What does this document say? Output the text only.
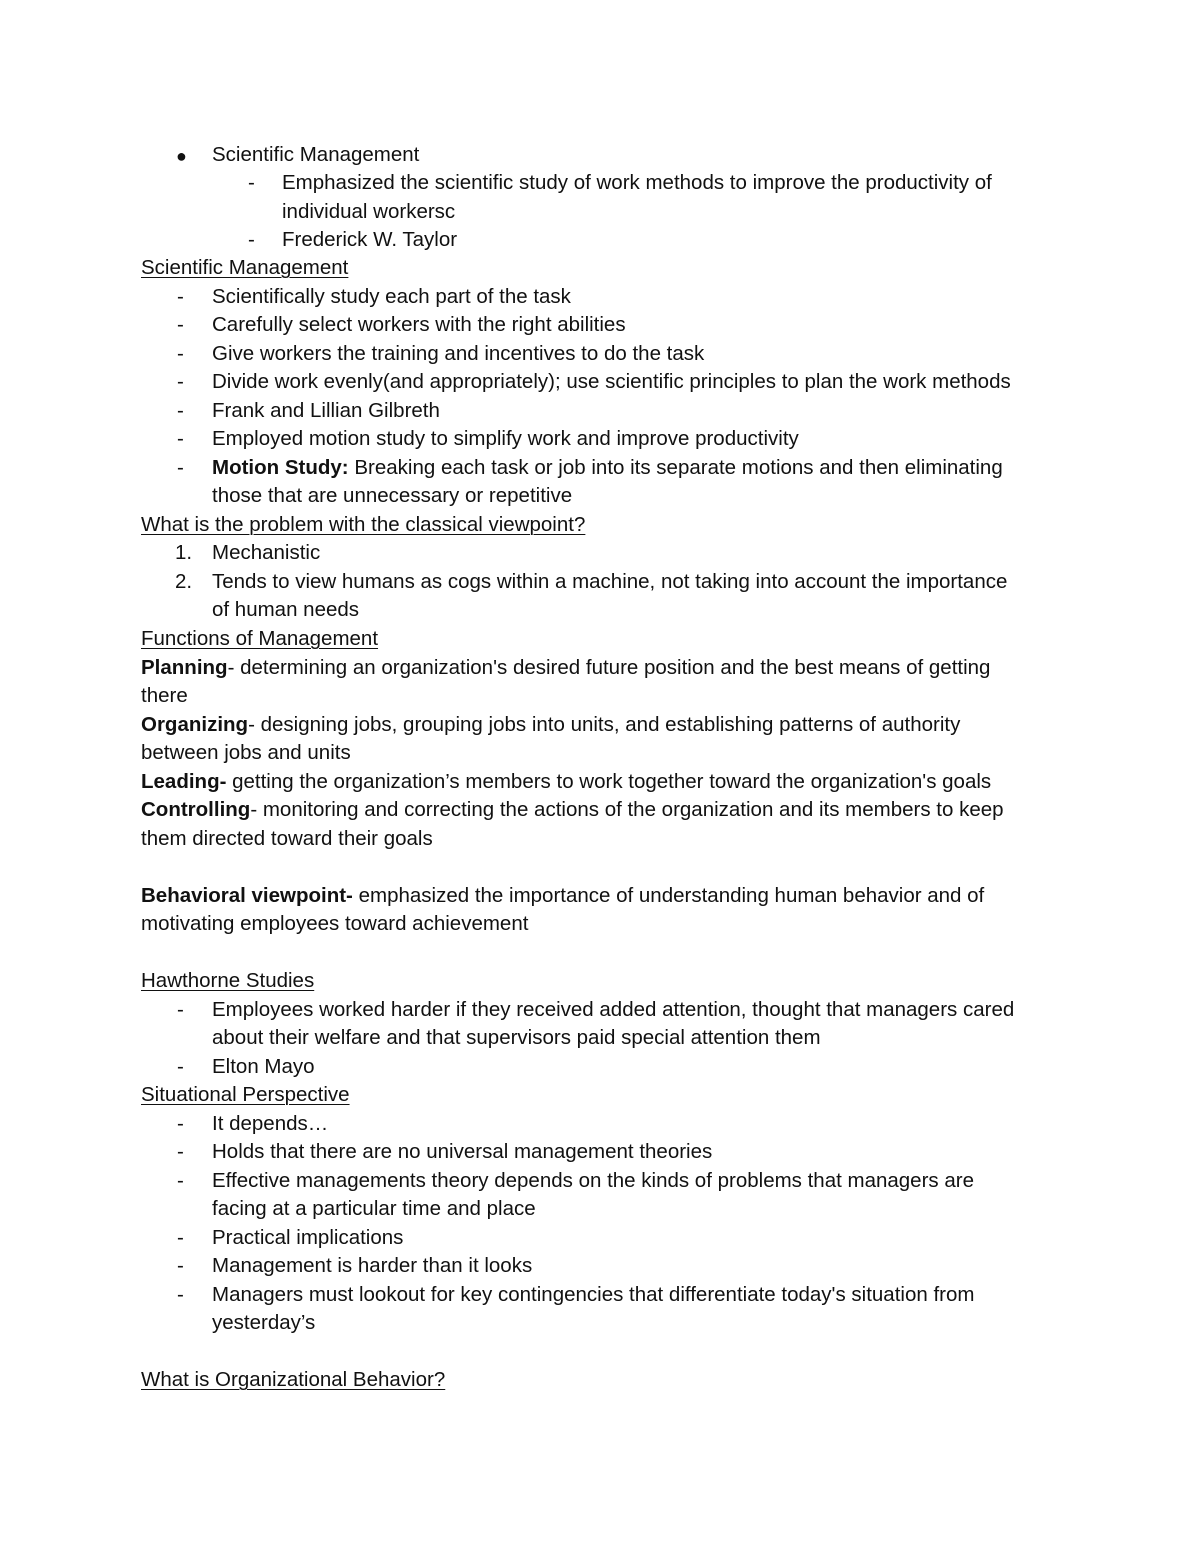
● Scientific Management
- Emphasized the scientific study of work methods to improve the productivity of
individual workersc
- Frederick W. Taylor
Scientific Management
- Scientifically study each part of the task
- Carefully select workers with the right abilities
- Give workers the training and incentives to do the task
- Divide work evenly(and appropriately); use scientific principles to plan the work methods
- Frank and Lillian Gilbreth
- Employed motion study to simplify work and improve productivity
- Motion Study: Breaking each task or job into its separate motions and then eliminating
those that are unnecessary or repetitive
What is the problem with the classical viewpoint?
1. Mechanistic
2. Tends to view humans as cogs within a machine, not taking into account the importance
of human needs
Functions of Management
Planning- determining an organization's desired future position and the best means of getting
there
Organizing- designing jobs, grouping jobs into units, and establishing patterns of authority
between jobs and units
Leading- getting the organization’s members to work together toward the organization's goals
Controlling- monitoring and correcting the actions of the organization and its members to keep
them directed toward their goals
Behavioral viewpoint- emphasized the importance of understanding human behavior and of
motivating employees toward achievement
Hawthorne Studies
- Employees worked harder if they received added attention, thought that managers cared
about their welfare and that supervisors paid special attention them
- Elton Mayo
Situational Perspective
- It depends…
- Holds that there are no universal management theories
- Effective managements theory depends on the kinds of problems that managers are
facing at a particular time and place
- Practical implications
- Management is harder than it looks
- Managers must lookout for key contingencies that differentiate today's situation from
yesterday’s
What is Organizational Behavior?
